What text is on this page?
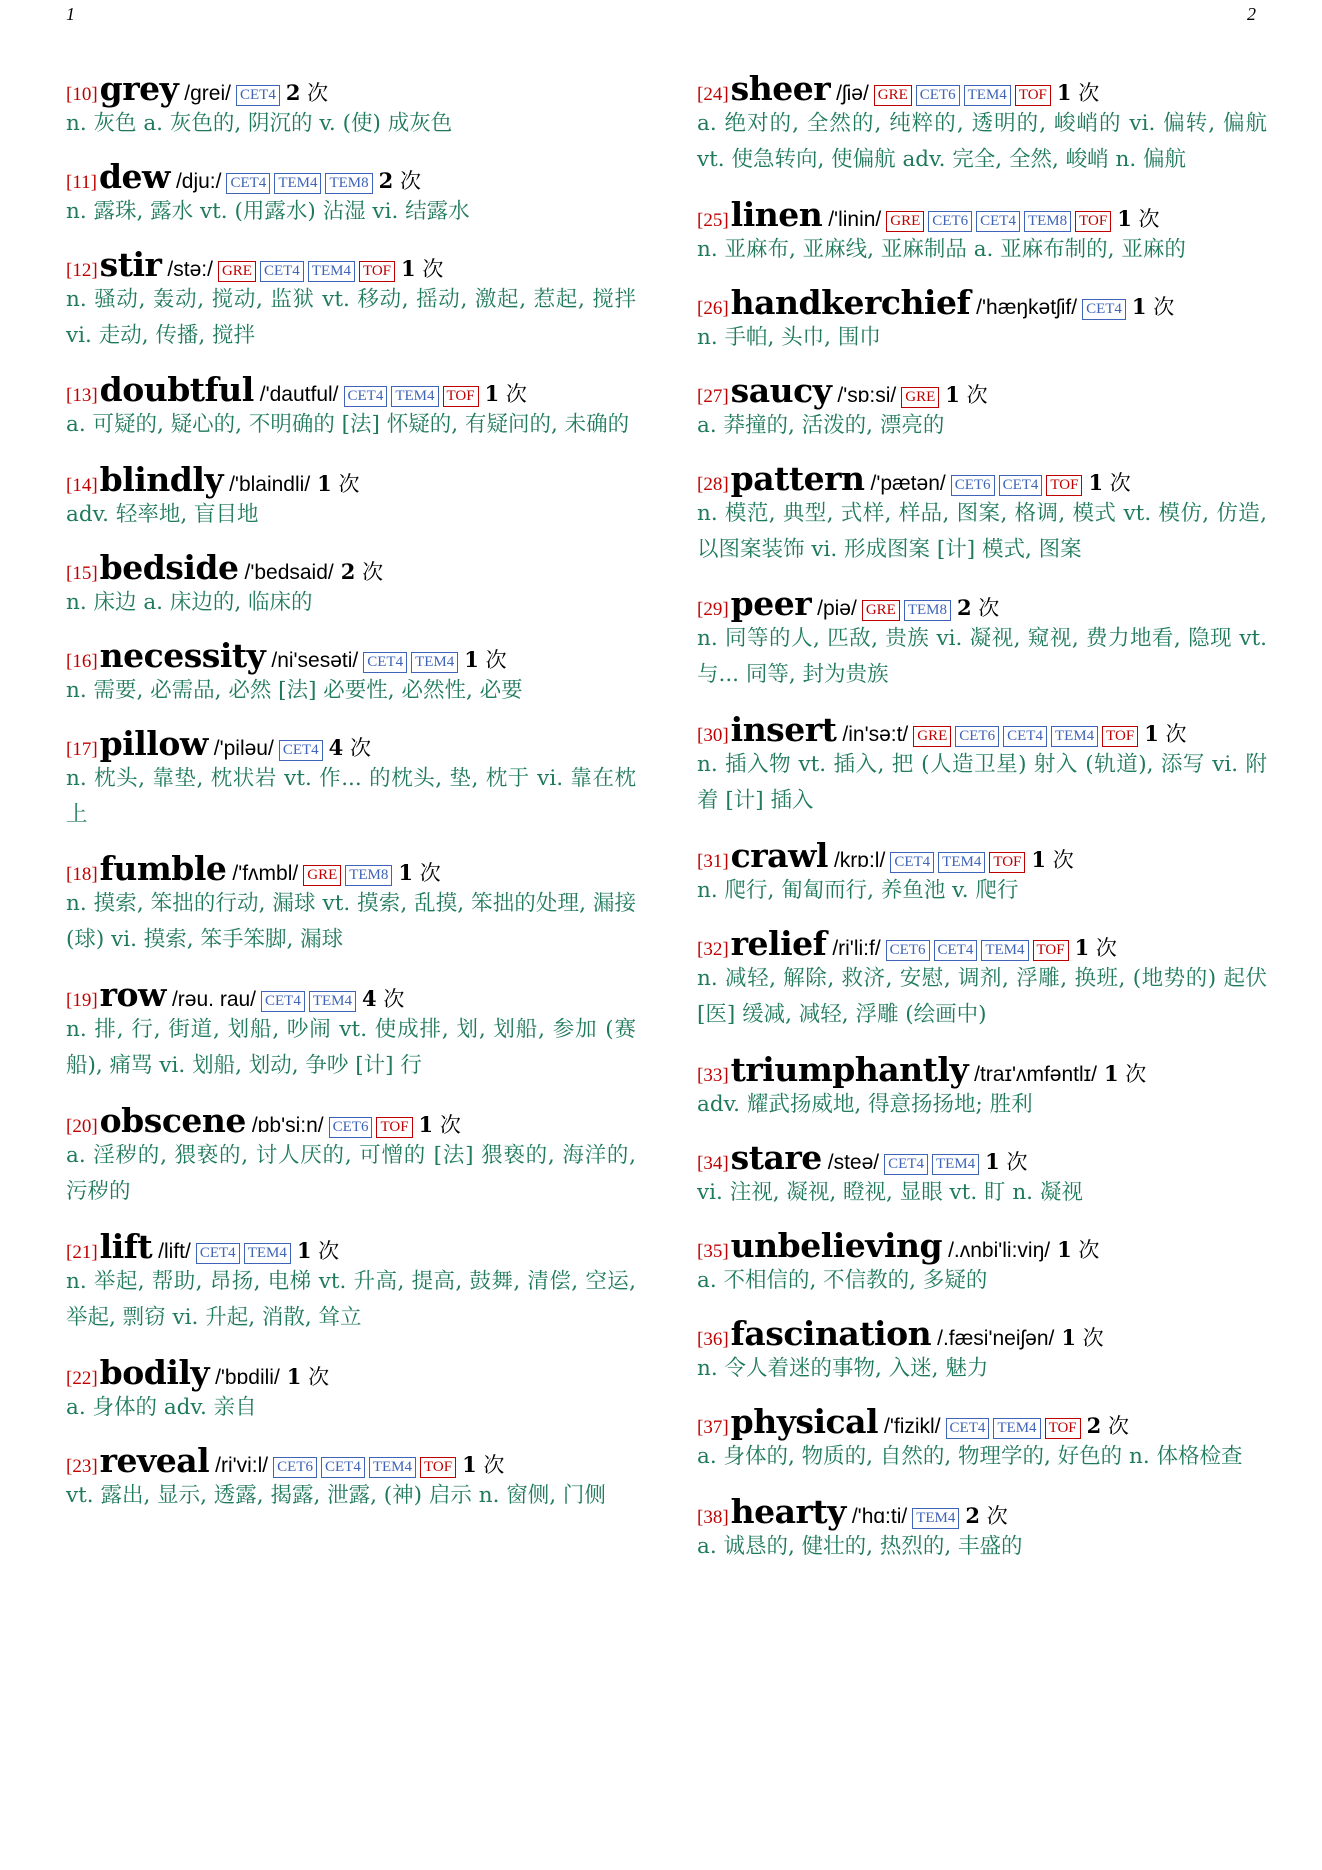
1	2
[10] grey /grei/ CET4 2 次
n. 灰色 a. 灰色的, 阴沉的 v. (使) 成灰色
[11] dew /dju:/ CET4 TEM4 TEM8 2 次
n. 露珠, 露水 vt. (用露水) 沾湿 vi. 结露水
[12] stir /stə:/ GRE CET4 TEM4 TOF 1 次
n. 骚动, 轰动, 搅动, 监狱 vt. 移动, 摇动, 激起, 惹起, 搅拌 vi. 走动, 传播, 搅拌
[13] doubtful /'dautful/ CET4 TEM4 TOF 1 次
a. 可疑的, 疑心的, 不明确的 [法] 怀疑的, 有疑问的, 未确的
[14] blindly /'blaindli/ 1 次
adv. 轻率地, 盲目地
[15] bedside /'bedsaid/ 2 次
n. 床边 a. 床边的, 临床的
[16] necessity /ni'sesəti/ CET4 TEM4 1 次
n. 需要, 必需品, 必然 [法] 必要性, 必然性, 必要
[17] pillow /'piləu/ CET4 4 次
n. 枕头, 靠垫, 枕状岩 vt. 作... 的枕头, 垫, 枕于 vi. 靠在枕上
[18] fumble /'fʌmbl/ GRE TEM8 1 次
n. 摸索, 笨拙的行动, 漏球 vt. 摸索, 乱摸, 笨拙的处理, 漏接 (球) vi. 摸索, 笨手笨脚, 漏球
[19] row /rəu. rau/ CET4 TEM4 4 次
n. 排, 行, 街道, 划船, 吵闹 vt. 使成排, 划, 划船, 参加 (赛船), 痛骂 vi. 划船, 划动, 争吵 [计] 行
[20] obscene /ɒb'si:n/ CET6 TOF 1 次
a. 淫秽的, 猥亵的, 讨人厌的, 可憎的 [法] 猥亵的, 海洋的, 污秽的
[21] lift /lift/ CET4 TEM4 1 次
n. 举起, 帮助, 昂扬, 电梯 vt. 升高, 提高, 鼓舞, 清偿, 空运, 举起, 剽窃 vi. 升起, 消散, 耸立
[22] bodily /'bɒdili/ 1 次
a. 身体的 adv. 亲自
[23] reveal /ri'vi:l/ CET6 CET4 TEM4 TOF 1 次
vt. 露出, 显示, 透露, 揭露, 泄露, (神) 启示 n. 窗侧, 门侧
[24] sheer /ʃiə/ GRE CET6 TEM4 TOF 1 次
a. 绝对的, 全然的, 纯粹的, 透明的, 峻峭的 vi. 偏转, 偏航 vt. 使急转向, 使偏航 adv. 完全, 全然, 峻峭 n. 偏航
[25] linen /'linin/ GRE CET6 CET4 TEM8 TOF 1 次
n. 亚麻布, 亚麻线, 亚麻制品 a. 亚麻布制的, 亚麻的
[26] handkerchief /'hæŋkətʃif/ CET4 1 次
n. 手帕, 头巾, 围巾
[27] saucy /'sɒ:si/ GRE 1 次
a. 莽撞的, 活泼的, 漂亮的
[28] pattern /'pætən/ CET6 CET4 TOF 1 次
n. 模范, 典型, 式样, 样品, 图案, 格调, 模式 vt. 模仿, 仿造, 以图案装饰 vi. 形成图案 [计] 模式, 图案
[29] peer /piə/ GRE TEM8 2 次
n. 同等的人, 匹敌, 贵族 vi. 凝视, 窥视, 费力地看, 隐现 vt. 与... 同等, 封为贵族
[30] insert /in'sə:t/ GRE CET6 CET4 TEM4 TOF 1 次
n. 插入物 vt. 插入, 把 (人造卫星) 射入 (轨道), 添写 vi. 附着 [计] 插入
[31] crawl /krɒ:l/ CET4 TEM4 TOF 1 次
n. 爬行, 匍匐而行, 养鱼池 v. 爬行
[32] relief /ri'li:f/ CET6 CET4 TEM4 TOF 1 次
n. 减轻, 解除, 救济, 安慰, 调剂, 浮雕, 换班, (地势的) 起伏 [医] 缓减, 减轻, 浮雕 (绘画中)
[33] triumphantly /traɪ'ʌmfəntlɪ/ 1 次
adv. 耀武扬威地, 得意扬扬地; 胜利
[34] stare /steə/ CET4 TEM4 1 次
vi. 注视, 凝视, 瞪视, 显眼 vt. 盯 n. 凝视
[35] unbelieving /.ʌnbi'li:viŋ/ 1 次
a. 不相信的, 不信教的, 多疑的
[36] fascination /.fæsi'neiʃən/ 1 次
n. 令人着迷的事物, 入迷, 魅力
[37] physical /'fizikl/ CET4 TEM4 TOF 2 次
a. 身体的, 物质的, 自然的, 物理学的, 好色的 n. 体格检查
[38] hearty /'hɑ:ti/ TEM4 2 次
a. 诚恳的, 健壮的, 热烈的, 丰盛的
